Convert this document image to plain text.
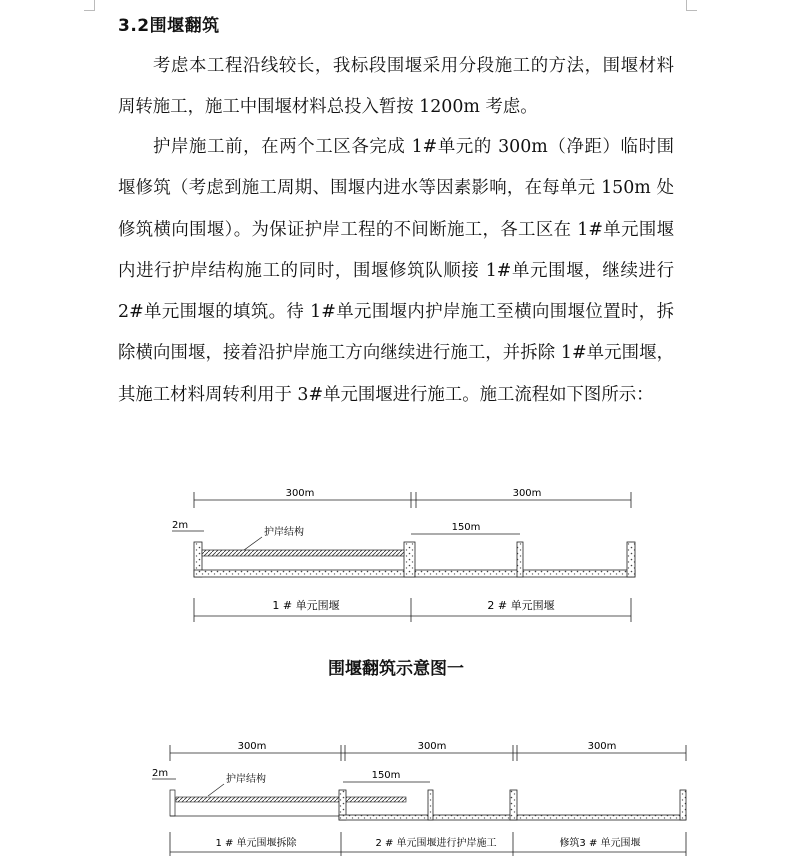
3.2围堰翻筑

考虑本工程沿线较长，我标段围堰采用分段施工的方法，围堰材料周转施工，施工中围堰材料总投入暂按 1200m 考虑。

护岸施工前，在两个工区各完成 1#单元的 300m（净距）临时围堰修筑（考虑到施工周期、围堰内进水等因素影响，在每单元 150m 处修筑横向围堰）。为保证护岸工程的不间断施工，各工区在 1#单元围堰内进行护岸结构施工的同时，围堰修筑队顺接 1#单元围堰，继续进行 2#单元围堰的填筑。待 1#单元围堰内护岸施工至横向围堰位置时，拆除横向围堰，接着沿护岸施工方向继续进行施工，并拆除 1#单元围堰，其施工材料周转利用于 3#单元围堰进行施工。施工流程如下图所示：

300m	300m
2m	150m
护岸结构
1 # 单元围堰	2 # 单元围堰
围堰翻筑示意图一
300m	300m	300m
2m	150m
护岸结构
1 # 单元围堰拆除	2 # 单元围堰进行护岸施工	修筑3 # 单元围堰
